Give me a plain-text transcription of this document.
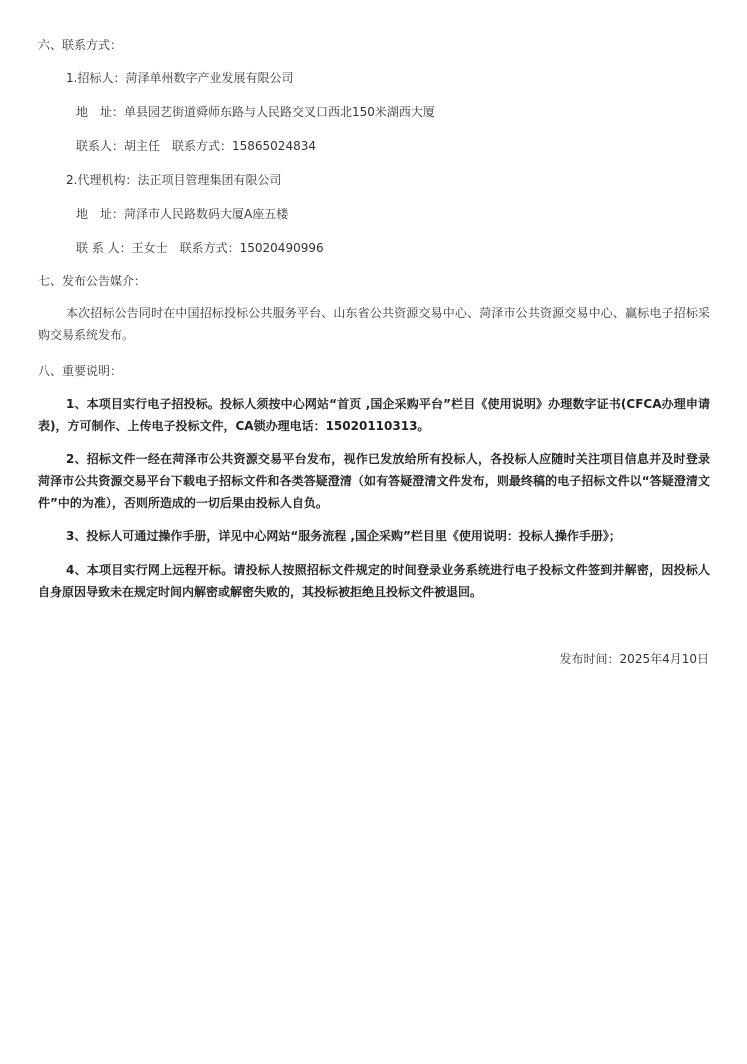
六、联系方式：
1.招标人：菏泽单州数字产业发展有限公司
地　址：单县园艺街道舜师东路与人民路交叉口西北150米湖西大厦
联系人：胡主任　联系方式：15865024834
2.代理机构：法正项目管理集团有限公司
地　址：菏泽市人民路数码大厦A座五楼
联 系 人：王女士　联系方式：15020490996
七、发布公告媒介：
本次招标公告同时在中国招标投标公共服务平台、山东省公共资源交易中心、菏泽市公共资源交易中心、赢标电子招标采购交易系统发布。
八、重要说明：
1、本项目实行电子招投标。投标人须按中心网站“首页 ,国企采购平台”栏目《使用说明》办理数字证书(CFCA办理申请表)，方可制作、上传电子投标文件，CA锁办理电话：15020110313。
2、招标文件一经在菏泽市公共资源交易平台发布，视作已发放给所有投标人，各投标人应随时关注项目信息并及时登录菏泽市公共资源交易平台下载电子招标文件和各类答疑澄清（如有答疑澄清文件发布，则最终稿的电子招标文件以“答疑澄清文件”中的为准），否则所造成的一切后果由投标人自负。
3、投标人可通过操作手册，详见中心网站“服务流程 ,国企采购”栏目里《使用说明：投标人操作手册》；
4、本项目实行网上远程开标。请投标人按照招标文件规定的时间登录业务系统进行电子投标文件签到并解密，因投标人自身原因导致未在规定时间内解密或解密失败的，其投标被拒绝且投标文件被退回。
发布时间：2025年4月10日
